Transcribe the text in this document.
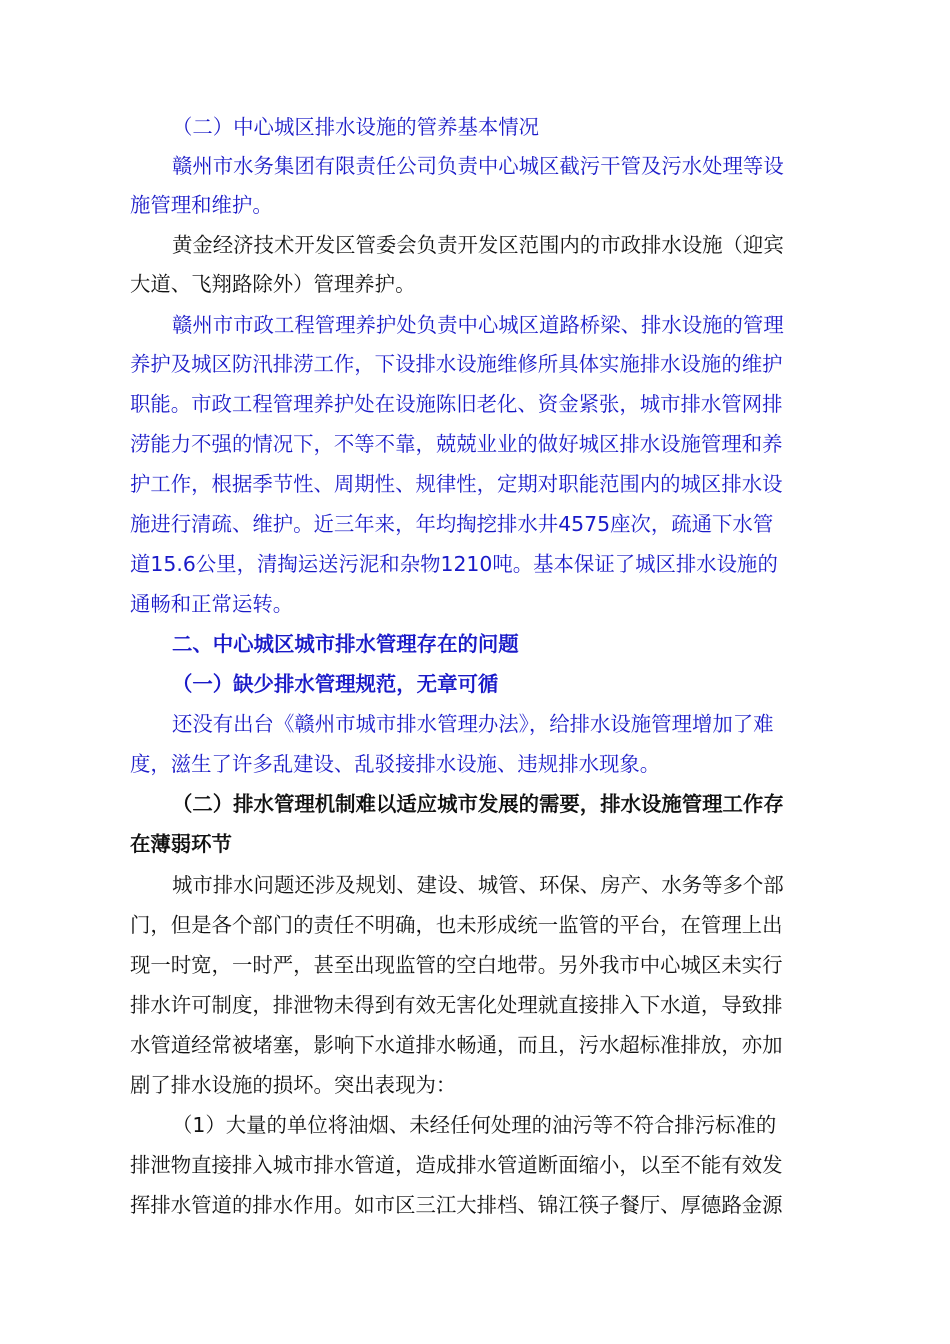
（二）中心城区排水设施的管养基本情况
赣州市水务集团有限责任公司负责中心城区截污干管及污水处理等设
施管理和维护。
黄金经济技术开发区管委会负责开发区范围内的市政排水设施（迎宾
大道、飞翔路除外）管理养护。
赣州市市政工程管理养护处负责中心城区道路桥梁、排水设施的管理
养护及城区防汛排涝工作，下设排水设施维修所具体实施排水设施的维护
职能。市政工程管理养护处在设施陈旧老化、资金紧张，城市排水管网排
涝能力不强的情况下，不等不靠，兢兢业业的做好城区排水设施管理和养
护工作，根据季节性、周期性、规律性，定期对职能范围内的城区排水设
施进行清疏、维护。近三年来，年均掏挖排水井4575座次，疏通下水管
道15.6公里，清掏运送污泥和杂物1210吨。基本保证了城区排水设施的
通畅和正常运转。
二、中心城区城市排水管理存在的问题
（一）缺少排水管理规范，无章可循
还没有出台《赣州市城市排水管理办法》，给排水设施管理增加了难
度，滋生了许多乱建设、乱驳接排水设施、违规排水现象。
（二）排水管理机制难以适应城市发展的需要，排水设施管理工作存
在薄弱环节
城市排水问题还涉及规划、建设、城管、环保、房产、水务等多个部
门，但是各个部门的责任不明确，也未形成统一监管的平台，在管理上出
现一时宽，一时严，甚至出现监管的空白地带。另外我市中心城区未实行
排水许可制度，排泄物未得到有效无害化处理就直接排入下水道，导致排
水管道经常被堵塞，影响下水道排水畅通，而且，污水超标准排放，亦加
剧了排水设施的损坏。突出表现为：
（1）大量的单位将油烟、未经任何处理的油污等不符合排污标准的
排泄物直接排入城市排水管道，造成排水管道断面缩小，以至不能有效发
挥排水管道的排水作用。如市区三江大排档、锦江筷子餐厅、厚德路金源
